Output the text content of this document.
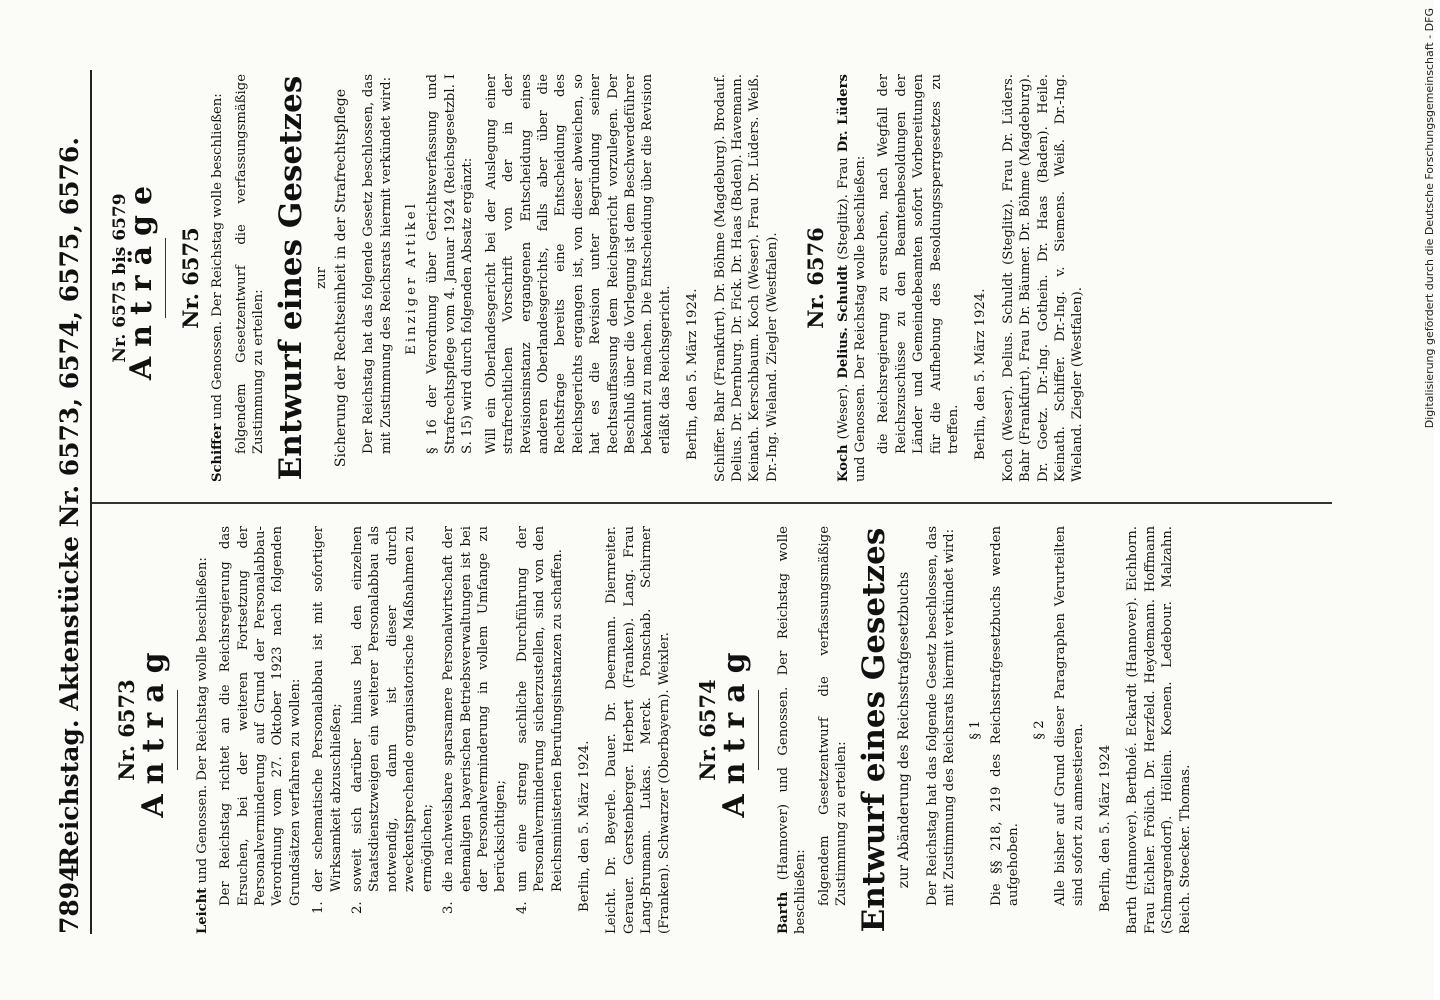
7894
Reichstag. Aktenstücke Nr. 6573, 6574, 6575, 6576. Nr. 6573
Antrag

Leicht und Genossen. Der Reichstag wolle beschließen: Der Reichstag richtet an die Reichsregierung das Ersuchen, bei der weiteren Fortsetzung der Personalverminderung auf Grund der Personalabbau-Verordnung vom 27. Oktober 1923 nach folgenden Grundsätzen verfahren zu wollen:

1.
der schematische Personalabbau ist mit sofortiger Wirksamkeit abzuschließen;
2.
soweit sich darüber hinaus bei den einzelnen Staatsdienstzweigen ein weiterer Personalabbau als notwendig, dann ist dieser durch zweckentsprechende organisatorische Maßnahmen zu ermöglichen;
3.
die nachweisbare sparsamere Personalwirtschaft der ehemaligen bayerischen Betriebsverwaltungen ist bei der Personalverminderung in vollem Umfange zu berücksichtigen;
4.
um eine streng sachliche Durchführung der Personalverminderung sicherzustellen, sind von den Reichsministerien Berufungsinstanzen zu schaffen. Berlin, den 5. März 1924. Leicht. Dr. Beyerle. Dauer. Dr. Deermann. Diernreiter. Gerauer. Gerstenberger. Herbert (Franken). Lang. Frau Lang-Brumann. Lukas. Merck. Ponschab. Schirmer (Franken). Schwarzer (Oberbayern). Weixler. Nr. 6574
Antrag

Barth (Hannover) und Genossen. Der Reichstag wolle beschließen: folgendem Gesetzentwurf die verfassungsmäßige Zustimmung zu erteilen: Entwurf eines Gesetzes zur Abänderung des Reichsstrafgesetzbuchs Der Reichstag hat das folgende Gesetz beschlossen, das mit Zustimmung des Reichsrats hiermit verkündet wird: § 1 Die §§ 218, 219 des Reichsstrafgesetzbuchs werden aufgehoben.

§ 2 Alle bisher auf Grund dieser Paragraphen Verurteilten sind sofort zu amnestieren. Berlin, den 5. März 1924 Barth (Hannover). Bertholé. Eckardt (Hannover). Eichhorn. Frau Eichler. Frölich. Dr. Herzfeld. Heydemann. Hoffmann (Schmargendorf). Höllein. Koenen. Ledebour. Malzahn. Reich. Stoecker. Thomas.
Nr. 6575 bis 6579
Anträge Nr. 6575

Schiffer und Genossen. Der Reichstag wolle beschließen: folgendem Gesetzentwurf die verfassungsmäßige Zustimmung zu erteilen: Entwurf eines Gesetzes zur Sicherung der Rechtseinheit in der Strafrechtspflege Der Reichstag hat das folgende Gesetz beschlossen, das mit Zustimmung des Reichsrats hiermit verkündet wird: Einziger Artikel § 16 der Verordnung über Gerichtsverfassung und Strafrechtspflege vom 4. Januar 1924 (Reichsgesetzbl. I S. 15) wird durch folgenden Absatz ergänzt: Will ein Oberlandesgericht bei der Auslegung einer strafrechtlichen Vorschrift von der in der Revisionsinstanz ergangenen Entscheidung eines anderen Oberlandesgerichts, falls aber über die Rechtsfrage bereits eine Entscheidung des Reichsgerichts ergangen ist, von dieser abweichen, so hat es die Revision unter Begründung seiner Rechtsauffassung dem Reichsgericht vorzulegen. Der Beschluß über die Vorlegung ist dem Beschwerdeführer bekannt zu machen. Die Entscheidung über die Revision erläßt das Reichsgericht. Berlin, den 5. März 1924. Schiffer. Bahr (Frankfurt). Dr. Böhme (Magdeburg). Brodauf. Delius. Dr. Dernburg. Dr. Fick. Dr. Haas (Baden). Havemann. Keinath. Kerschbaum. Koch (Weser). Frau Dr. Lüders. Weiß. Dr.-Ing. Wieland. Ziegler (Westfalen). Nr. 6576

Koch (Weser). Delius. Schuldt (Steglitz). Frau Dr. Lüders und Genossen. Der Reichstag wolle beschließen: die Reichsregierung zu ersuchen, nach Wegfall der Reichszuschüsse zu den Beamtenbesoldungen der Länder und Gemeindebeamten sofort Vorbereitungen für die Aufhebung des Besoldungssperrgesetzes zu treffen. Berlin, den 5. März 1924. Koch (Weser). Delius. Schuldt (Steglitz). Frau Dr. Lüders. Bahr (Frankfurt). Frau Dr. Bäumer. Dr. Böhme (Magdeburg). Dr. Goetz. Dr.-Ing. Gothein. Dr. Haas (Baden). Heile. Keinath. Schiffer. Dr.-Ing. v. Siemens. Weiß. Dr.-Ing. Wieland. Ziegler (Westfalen).	Digitalisierung gefördert durch die Deutsche Forschungsgemeinschaft - DFG
